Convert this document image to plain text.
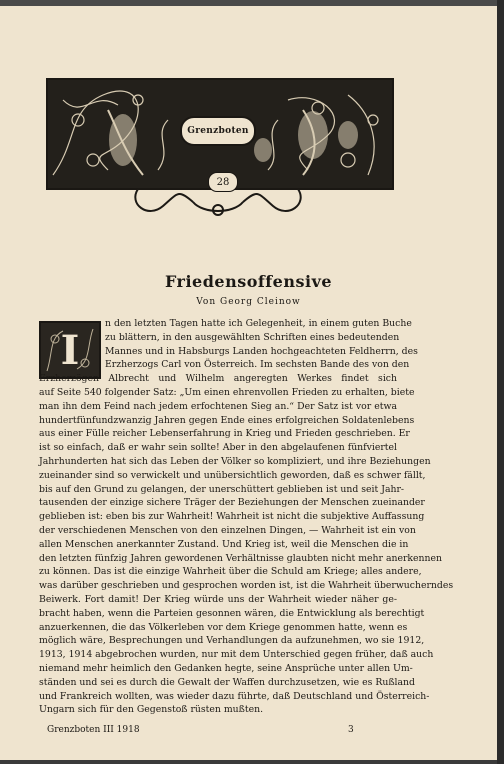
Grenzboten
28
Friedensoffensive
Von Georg Cleinow
I
n den letzten Tagen hatte ich Gelegenheit, in einem guten Buche
zu blättern, in den ausgewählten Schriften eines bedeutenden
Mannes und in Habsburgs Landen hochgeachteten Feldherrn, des
Erzherzogs Carl von Österreich. Im sechsten Bande des von den
Erzherzögen Albrecht und Wilhelm angeregten Werkes findet sich
auf Seite 540 folgender Satz: „Um einen ehrenvollen Frieden zu erhalten, biete
man ihn dem Feind nach jedem erfochtenen Sieg an.“ Der Satz ist vor etwa
hundertfünfundzwanzig Jahren gegen Ende eines erfolgreichen Soldatenlebens
aus einer Fülle reicher Lebenserfahrung in Krieg und Frieden geschrieben. Er
ist so einfach, daß er wahr sein sollte! Aber in den abgelaufenen fünfviertel
Jahrhunderten hat sich das Leben der Völker so kompliziert, und ihre Beziehungen
zueinander sind so verwickelt und unübersichtlich geworden, daß es schwer fällt,
bis auf den Grund zu gelangen, der unerschüttert geblieben ist und seit Jahr-
tausenden der einzige sichere Träger der Beziehungen der Menschen zueinander
geblieben ist: eben bis zur Wahrheit! Wahrheit ist nicht die subjektive Auffassung
der verschiedenen Menschen von den einzelnen Dingen, — Wahrheit ist ein von
allen Menschen anerkannter Zustand. Und Krieg ist, weil die Menschen die in
den letzten fünfzig Jahren gewordenen Verhältnisse glaubten nicht mehr anerkennen
zu können. Das ist die einzige Wahrheit über die Schuld am Kriege; alles andere,
was darüber geschrieben und gesprochen worden ist, ist die Wahrheit überwucherndes
Beiwerk. Fort damit! Der Krieg würde uns der Wahrheit wieder näher ge-
bracht haben, wenn die Parteien gesonnen wären, die Entwicklung als berechtigt
anzuerkennen, die das Völkerleben vor dem Kriege genommen hatte, wenn es
möglich wäre, Besprechungen und Verhandlungen da aufzunehmen, wo sie 1912,
1913, 1914 abgebrochen wurden, nur mit dem Unterschied gegen früher, daß auch
niemand mehr heimlich den Gedanken hegte, seine Ansprüche unter allen Um-
ständen und sei es durch die Gewalt der Waffen durchzusetzen, wie es Rußland
und Frankreich wollten, was wieder dazu führte, daß Deutschland und Österreich-
Ungarn sich für den Gegenstoß rüsten mußten.
Grenzboten III 1918	3
